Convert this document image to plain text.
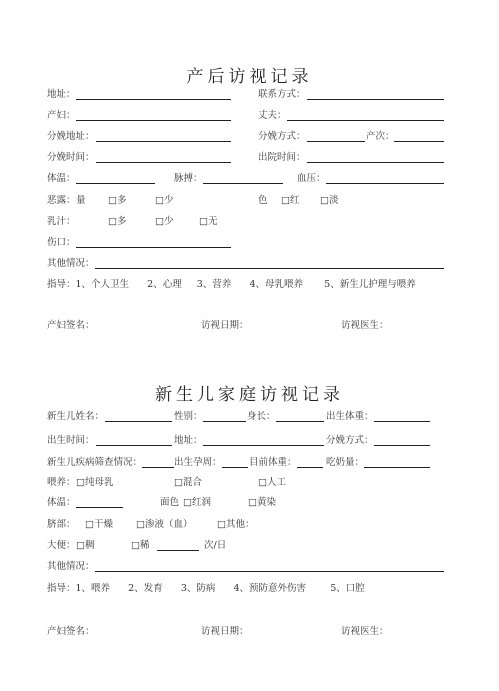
产后访视记录
地址：	联系方式：
产妇：	丈夫：
分娩地址：	分娩方式：	产次：
分娩时间：	出院时间：
体温：	脉搏：	血压：
恶露： 量	□ 多	□ 少	色	□ 红	□ 淡
乳汁：	□ 多	□ 少	□ 无
伤口：
其他情况：
指导：1、个人卫生      2、心理     3、营养      4、母乳喂养       5、新生儿护理与喂养
产妇签名：	访视日期：	访视医生：
新生儿家庭访视记录
新生儿姓名：	性别：	身长：	出生体重：
出生时间：	地址：	分娩方式：
新生儿疾病筛查情况：	出生孕周：	目前体重：	吃奶量：
喂养： □ 纯母乳	□ 混合	□ 人工
体温：	面色	□ 红润	□ 黄染
脐部：	□ 干燥	□ 渗液（血）	□ 其他：
大便： □ 稠	□ 稀	次/日
其他情况：
指导：1、喂养      2、发育      3、防病      4、预防意外伤害        5、口腔
产妇签名：	访视日期：	访视医生：
